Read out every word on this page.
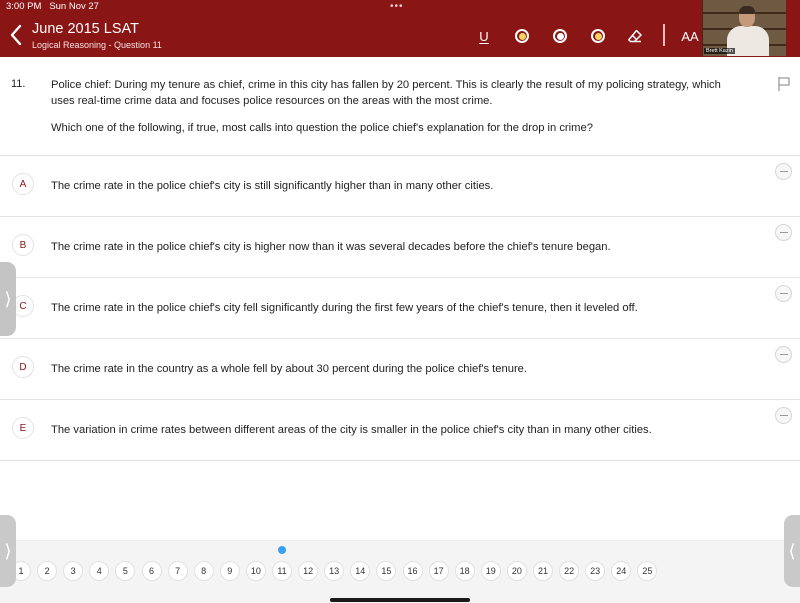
3:00 PM Sun Nov 27	•••
June 2015 LSAT
Logical Reasoning - Question 11
U	AA
Brett Kazin
11. Police chief: During my tenure as chief, crime in this city has fallen by 20 percent. This is clearly the result of my policing strategy, which uses real-time crime data and focuses police resources on the areas with the most crime.
Which one of the following, if true, most calls into question the police chief's explanation for the drop in crime?
A	The crime rate in the police chief's city is still significantly higher than in many other cities.
B	The crime rate in the police chief's city is higher now than it was several decades before the chief's tenure began.
C	The crime rate in the police chief's city fell significantly during the first few years of the chief's tenure, then it leveled off.
D	The crime rate in the country as a whole fell by about 30 percent during the police chief's tenure.
E	The variation in crime rates between different areas of the city is smaller in the police chief's city than in many other cities.
⟩
1	2	3	4	5	6	7	8	9	10	11	12	13	14	15	16	17	18	19	20	21	22	23	24	25
⟩	⟨
